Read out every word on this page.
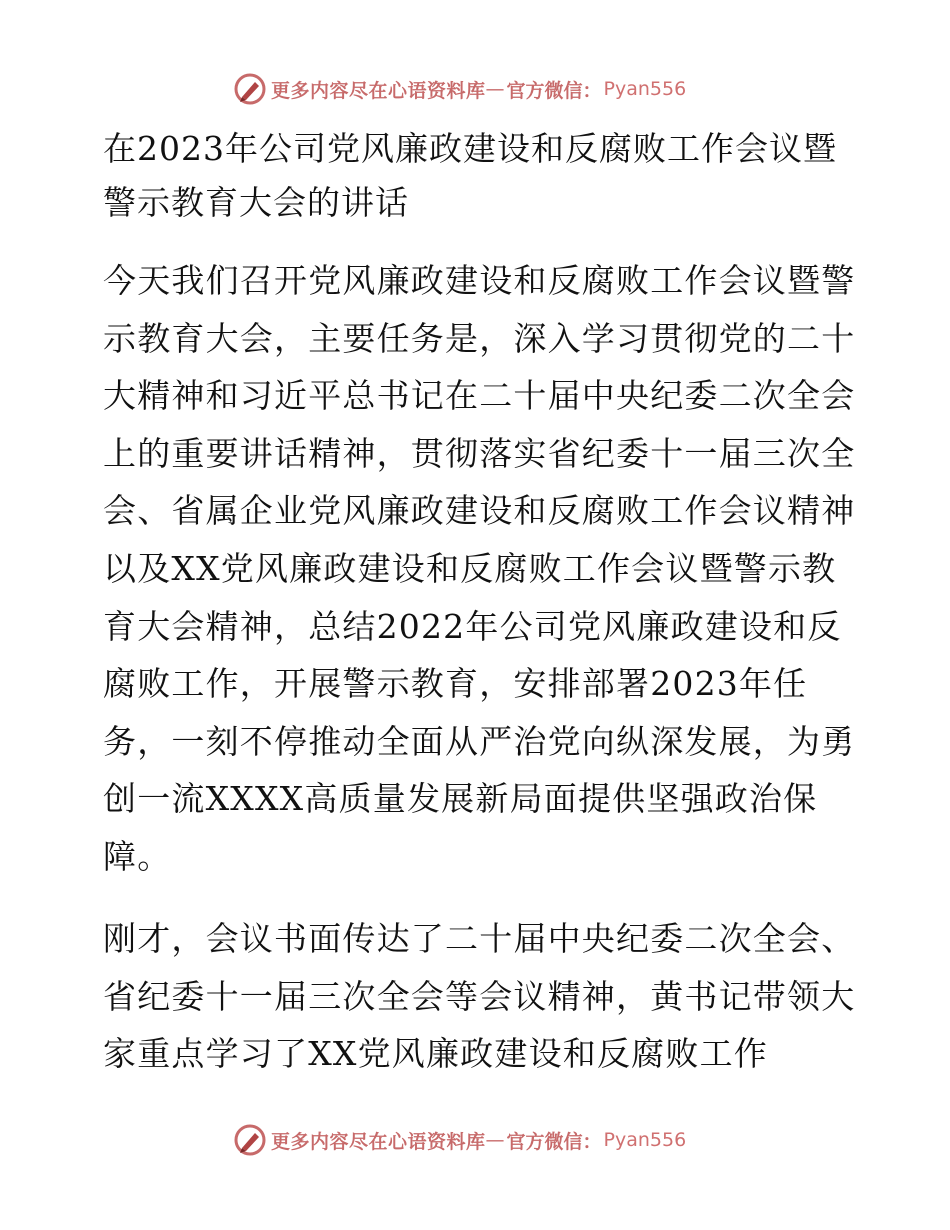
更多内容尽在心语资料库 — 官方微信： Pyan556
在2023年公司党风廉政建设和反腐败工作会议暨警示教育大会的讲话

今天我们召开党风廉政建设和反腐败工作会议暨警示教育大会，主要任务是，深入学习贯彻党的二十大精神和习近平总书记在二十届中央纪委二次全会上的重要讲话精神，贯彻落实省纪委十一届三次全会、省属企业党风廉政建设和反腐败工作会议精神以及XX党风廉政建设和反腐败工作会议暨警示教育大会精神，总结2022年公司党风廉政建设和反腐败工作，开展警示教育，安排部署2023年任务，一刻不停推动全面从严治党向纵深发展，为勇创一流XXXX高质量发展新局面提供坚强政治保障。

刚才，会议书面传达了二十届中央纪委二次全会、省纪委十一届三次全会等会议精神，黄书记带领大家重点学习了XX党风廉政建设和反腐败工作

更多内容尽在心语资料库 — 官方微信： Pyan556
